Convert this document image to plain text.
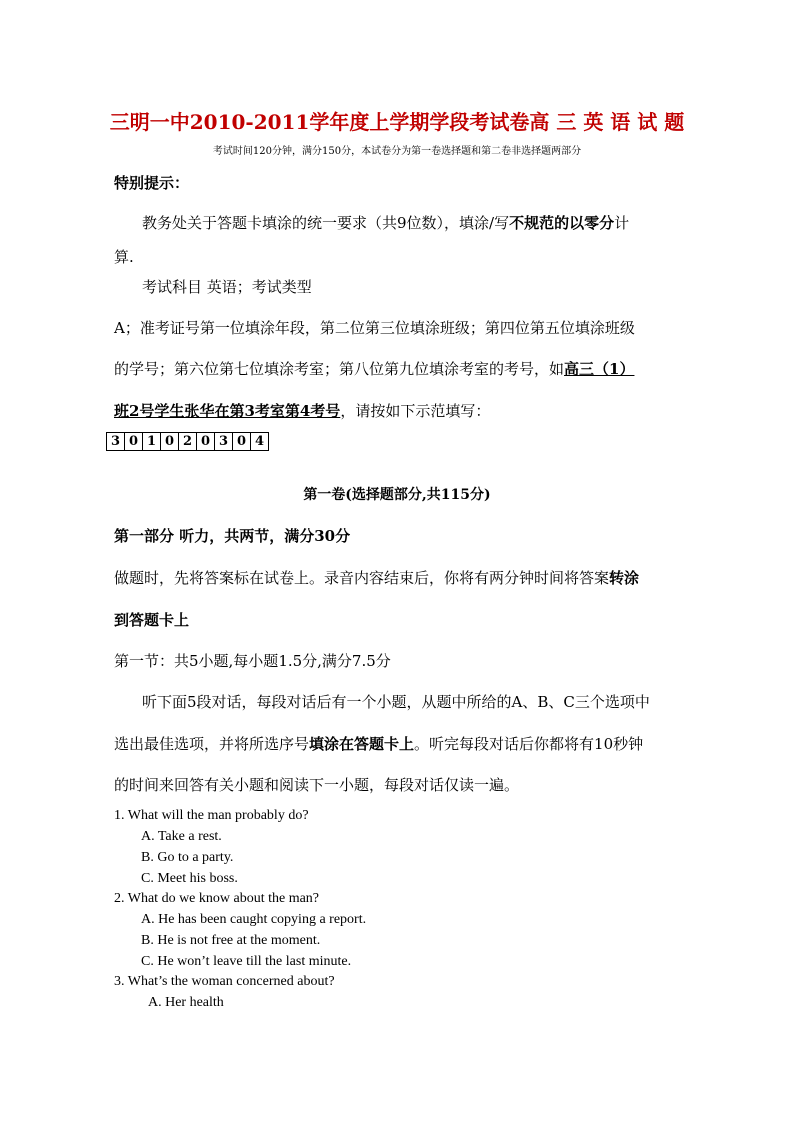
三明一中2010-2011学年度上学期学段考试卷高 三 英 语 试 题
考试时间120分钟，满分150分，本试卷分为第一卷选择题和第二卷非选择题两部分
特别提示：
教务处关于答题卡填涂的统一要求（共9位数），填涂/写不规范的以零分计
算.
考试科目 英语；考试类型
A；准考证号第一位填涂年段，第二位第三位填涂班级；第四位第五位填涂班级
的学号；第六位第七位填涂考室；第八位第九位填涂考室的考号，如高三（1）
班2号学生张华在第3考室第4考号，请按如下示范填写：
3	0	1	0	2	0	3	0	4
第一卷(选择题部分,共115分)
第一部分 听力，共两节，满分30分
做题时，先将答案标在试卷上。录音内容结束后，你将有两分钟时间将答案转涂
到答题卡上
第一节：共5小题,每小题1.5分,满分7.5分
听下面5段对话，每段对话后有一个小题，从题中所给的A、B、C三个选项中
选出最佳选项，并将所选序号填涂在答题卡上。听完每段对话后你都将有10秒钟
的时间来回答有关小题和阅读下一小题，每段对话仅读一遍。
1. What will the man probably do?
A. Take a rest.
B. Go to a party.
C. Meet his boss.
2. What do we know about the man?
A. He has been caught copying a report.
B. He is not free at the moment.
C. He won’t leave till the last minute.
3. What’s the woman concerned about?
A. Her health
